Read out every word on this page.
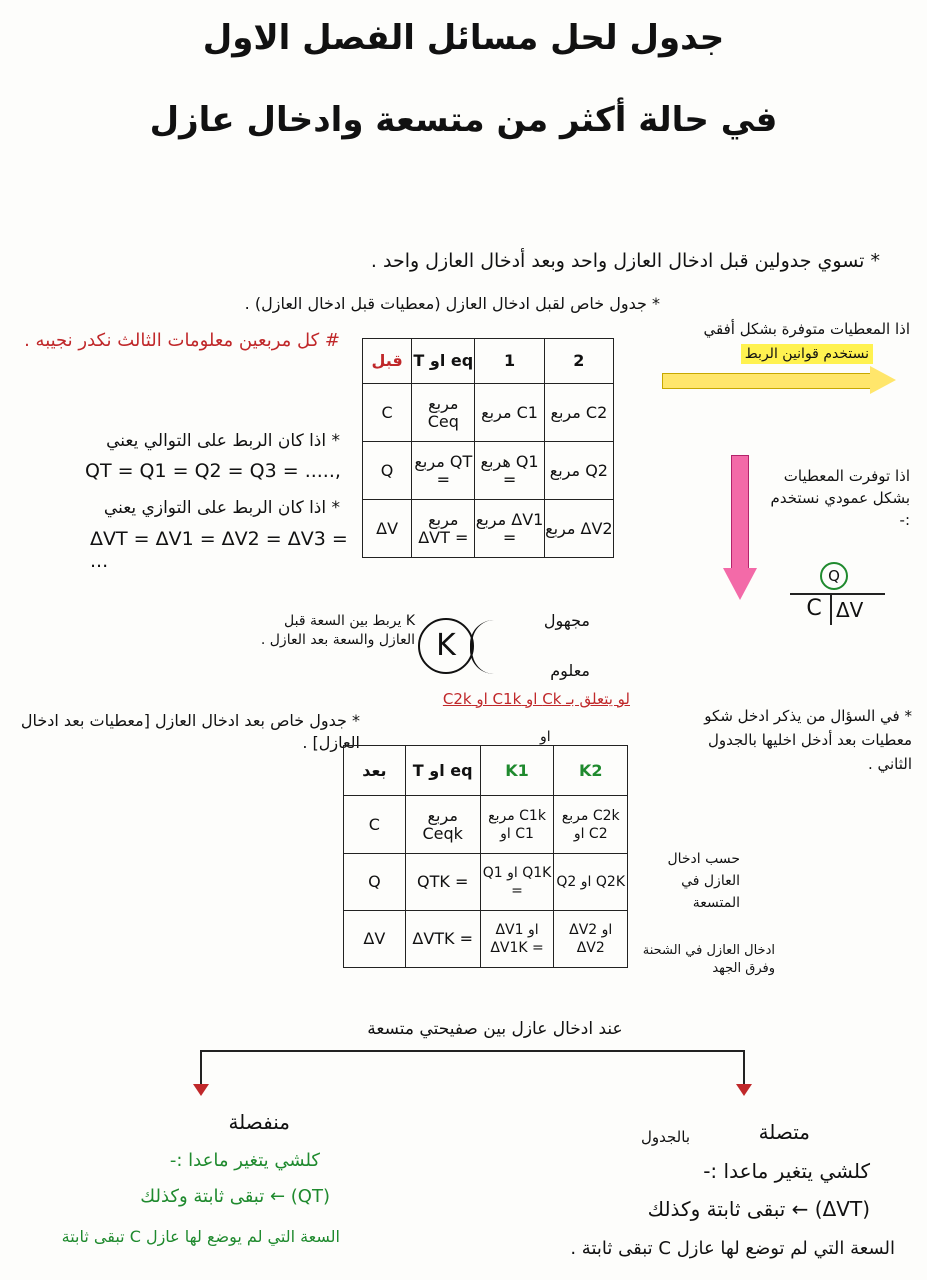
جدول لحل مسائل الفصل الاول
في حالة أكثر من متسعة وادخال عازل
* تسوي جدولين قبل ادخال العازل واحد وبعد أدخال العازل واحد .
* جدول خاص لقبل ادخال العازل (معطيات قبل ادخال العازل) .
قبل	T او eq	1	2
C	مربع Ceq	مربع C1	مربع C2
Q	مربع QT =	هربع Q1 =	مربع Q2
ΔV	مربع ΔVT =	مربع ΔV1 =	مربع ΔV2
# كل مربعين معلومات الثالث نكدر نجيبه .
* اذا كان الربط على التوالي يعني
QT = Q1 = Q2 = Q3 = .....,
* اذا كان الربط على التوازي يعني
ΔVT = ΔV1 = ΔV2 = ΔV3 = ...
اذا المعطيات متوفرة بشكل أفقي
نستخدم قوانين الربط
اذا توفرت المعطيات بشكل عمودي نستخدم :-
Q
C ΔV
K
مجهول
معلوم
K يربط بين السعة قبل العازل والسعة بعد العازل .
لو يتعلق بـ Ck او C1k او C2k
* جدول خاص بعد ادخال العازل [معطيات بعد ادخال العازل] .	او
بعد	T او eq	K1	K2
C	مربع Ceqk	مربع C1k او C1	مربع C2k او C2
Q	QTK =	Q1 او Q1K =	Q2 او Q2K
ΔV	ΔVTK =	ΔV1 او ΔV1K =	ΔV2 او ΔV2
* في السؤال من يذكر ادخل شكو معطيات بعد أدخل اخليها بالجدول الثاني .
حسب ادخال العازل في المتسعة
ادخال العازل في الشحنة وفرق الجهد
عند ادخال عازل بين صفيحتي متسعة
منفصلة
كلشي يتغير ماعدا :-
(QT) ← تبقى ثابتة وكذلك
السعة التي لم يوضع لها عازل C تبقى ثابتة
متصلة
بالجدول
كلشي يتغير ماعدا :-
(ΔVT) ← تبقى ثابتة وكذلك
السعة التي لم توضع لها عازل C تبقى ثابتة .
